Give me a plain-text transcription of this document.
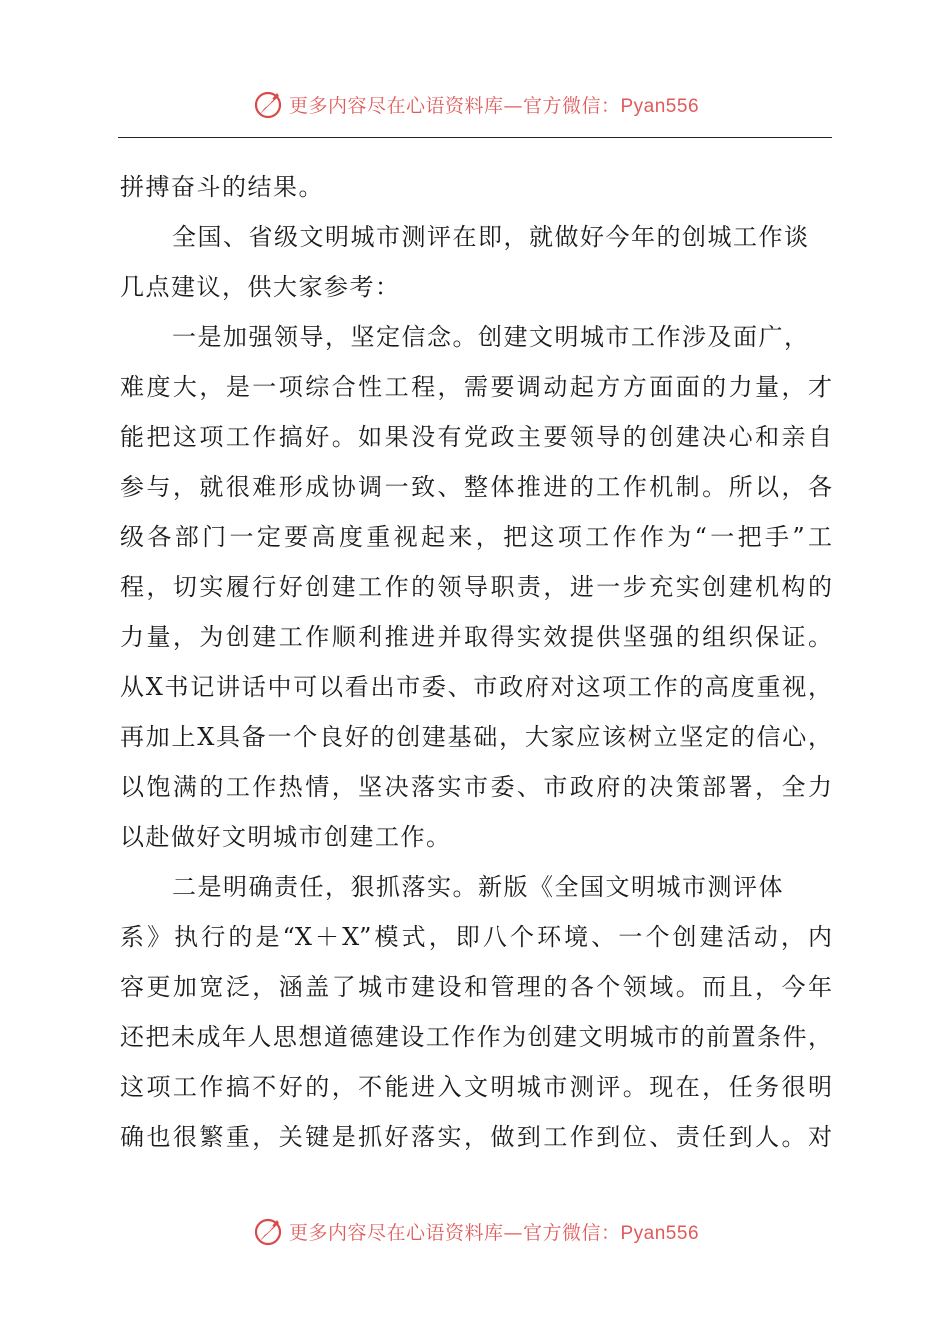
更多内容尽在心语资料库—官方微信：Pyan556
拼搏奋斗的结果。
全国、省级文明城市测评在即，就做好今年的创城工作谈
几点建议，供大家参考：
一是加强领导，坚定信念。创建文明城市工作涉及面广，
难度大，是一项综合性工程，需要调动起方方面面的力量，才
能把这项工作搞好。如果没有党政主要领导的创建决心和亲自
参与，就很难形成协调一致、整体推进的工作机制。所以，各
级各部门一定要高度重视起来，把这项工作作为“一把手”工
程，切实履行好创建工作的领导职责，进一步充实创建机构的
力量，为创建工作顺利推进并取得实效提供坚强的组织保证。
从X书记讲话中可以看出市委、市政府对这项工作的高度重视，
再加上X具备一个良好的创建基础，大家应该树立坚定的信心，
以饱满的工作热情，坚决落实市委、市政府的决策部署，全力
以赴做好文明城市创建工作。
二是明确责任，狠抓落实。新版《全国文明城市测评体
系》执行的是“X＋X”模式，即八个环境、一个创建活动，内
容更加宽泛，涵盖了城市建设和管理的各个领域。而且，今年
还把未成年人思想道德建设工作作为创建文明城市的前置条件，
这项工作搞不好的，不能进入文明城市测评。现在，任务很明
确也很繁重，关键是抓好落实，做到工作到位、责任到人。对
更多内容尽在心语资料库—官方微信：Pyan556
